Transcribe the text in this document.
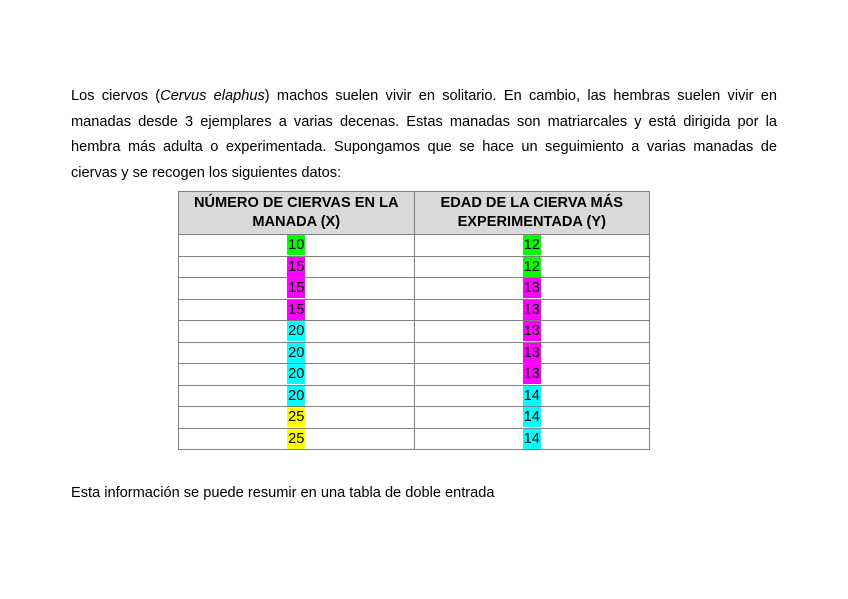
Los ciervos (Cervus elaphus) machos suelen vivir en solitario. En cambio, las hembras suelen vivir en manadas desde 3 ejemplares a varias decenas. Estas manadas son matriarcales y está dirigida por la hembra más adulta o experimentada. Supongamos que se hace un seguimiento a varias manadas de ciervas y se recogen los siguientes datos:

NÚMERO DE CIERVAS EN LA MANADA (X)	EDAD DE LA CIERVA MÁS EXPERIMENTADA (Y)
10	12
15	12
15	13
15	13
20	13
20	13
20	13
20	14
25	14
25	14

Esta información se puede resumir en una tabla de doble entrada
